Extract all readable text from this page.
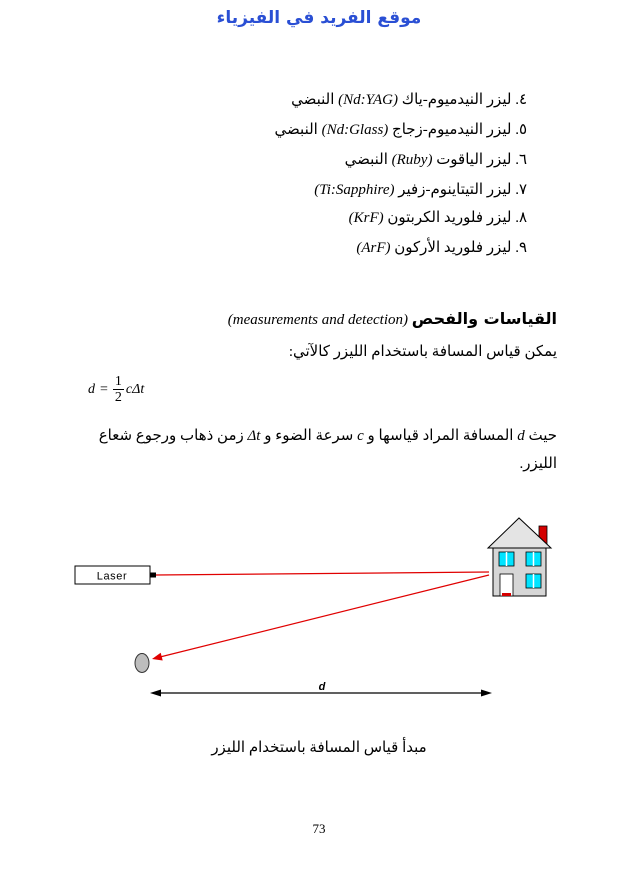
موقع الفريد في الفيزياء
٤. ليزر النيدميوم-ياك (Nd:YAG) النبضي
٥. ليزر النيدميوم-زجاج (Nd:Glass) النبضي
٦. ليزر الياقوت (Ruby) النبضي
٧. ليزر التيتاينوم-زفير (Ti:Sapphire)
٨. ليزر فلوريد الكربتون (KrF)
٩. ليزر فلوريد الأركون (ArF)
القياسات والفحص (measurements and detection)
يمكن قياس المسافة باستخدام الليزر كالآتي:
$d = \frac{1}{2}$ cΔt
حيث d المسافة المراد قياسها و c سرعة الضوء و Δt زمن ذهاب ورجوع شعاع
الليزر.
Laser
d
مبدأ قياس المسافة باستخدام الليزر
73
